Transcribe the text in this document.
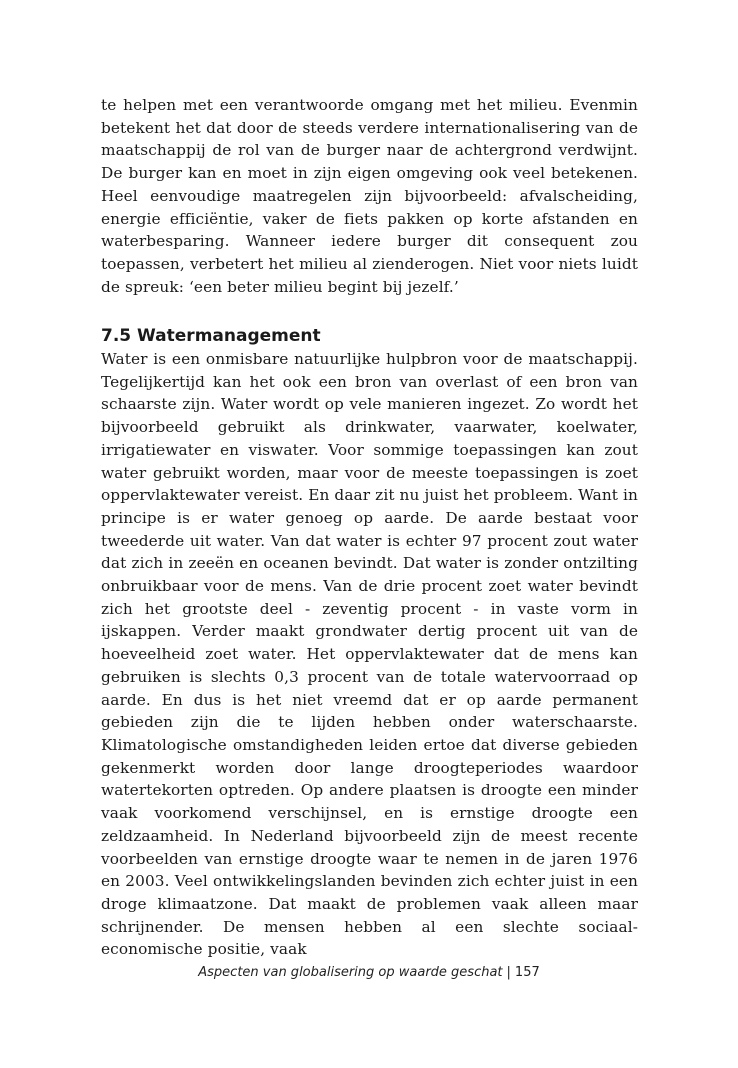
te helpen met een verantwoorde omgang met het milieu. Evenmin betekent het dat door de steeds verdere internationalisering van de maatschappij de rol van de burger naar de achtergrond verdwijnt. De burger kan en moet in zijn eigen omgeving ook veel betekenen. Heel eenvoudige maatregelen zijn bijvoorbeeld: afvalscheiding, energie efficiëntie, vaker de fiets pakken op korte afstanden en waterbesparing. Wanneer iedere burger dit consequent zou toepassen, verbetert het milieu al zienderogen. Niet voor niets luidt de spreuk: ‘een beter milieu begint bij jezelf.’

7.5 Watermanagement

Water is een onmisbare natuurlijke hulpbron voor de maatschappij. Tegelijkertijd kan het ook een bron van overlast of een bron van schaarste zijn. Water wordt op vele manieren ingezet. Zo wordt het bijvoorbeeld gebruikt als drinkwater, vaarwater, koelwater, irrigatiewater en viswater. Voor sommige toepassingen kan zout water gebruikt worden, maar voor de meeste toepassingen is zoet oppervlaktewater vereist. En daar zit nu juist het probleem. Want in principe is er water genoeg op aarde. De aarde bestaat voor tweederde uit water. Van dat water is echter 97 procent zout water dat zich in zeeën en oceanen bevindt. Dat water is zonder ontzilting onbruikbaar voor de mens. Van de drie procent zoet water bevindt zich het grootste deel - zeventig procent - in vaste vorm in ijskappen. Verder maakt grondwater dertig procent uit van de hoeveelheid zoet water. Het oppervlaktewater dat de mens kan gebruiken is slechts 0,3 procent van de totale watervoorraad op aarde. En dus is het niet vreemd dat er op aarde permanent gebieden zijn die te lijden hebben onder waterschaarste. Klimatologische omstandigheden leiden ertoe dat diverse gebieden gekenmerkt worden door lange droogteperiodes waardoor watertekorten optreden. Op andere plaatsen is droogte een minder vaak voorkomend verschijnsel, en is ernstige droogte een zeldzaamheid. In Nederland bijvoorbeeld zijn de meest recente voorbeelden van ernstige droogte waar te nemen in de jaren 1976 en 2003. Veel ontwikkelingslanden bevinden zich echter juist in een droge klimaatzone. Dat maakt de problemen vaak alleen maar schrijnender. De mensen hebben al een slechte sociaal-economische positie, vaak

Aspecten van globalisering op waarde geschat | 157
